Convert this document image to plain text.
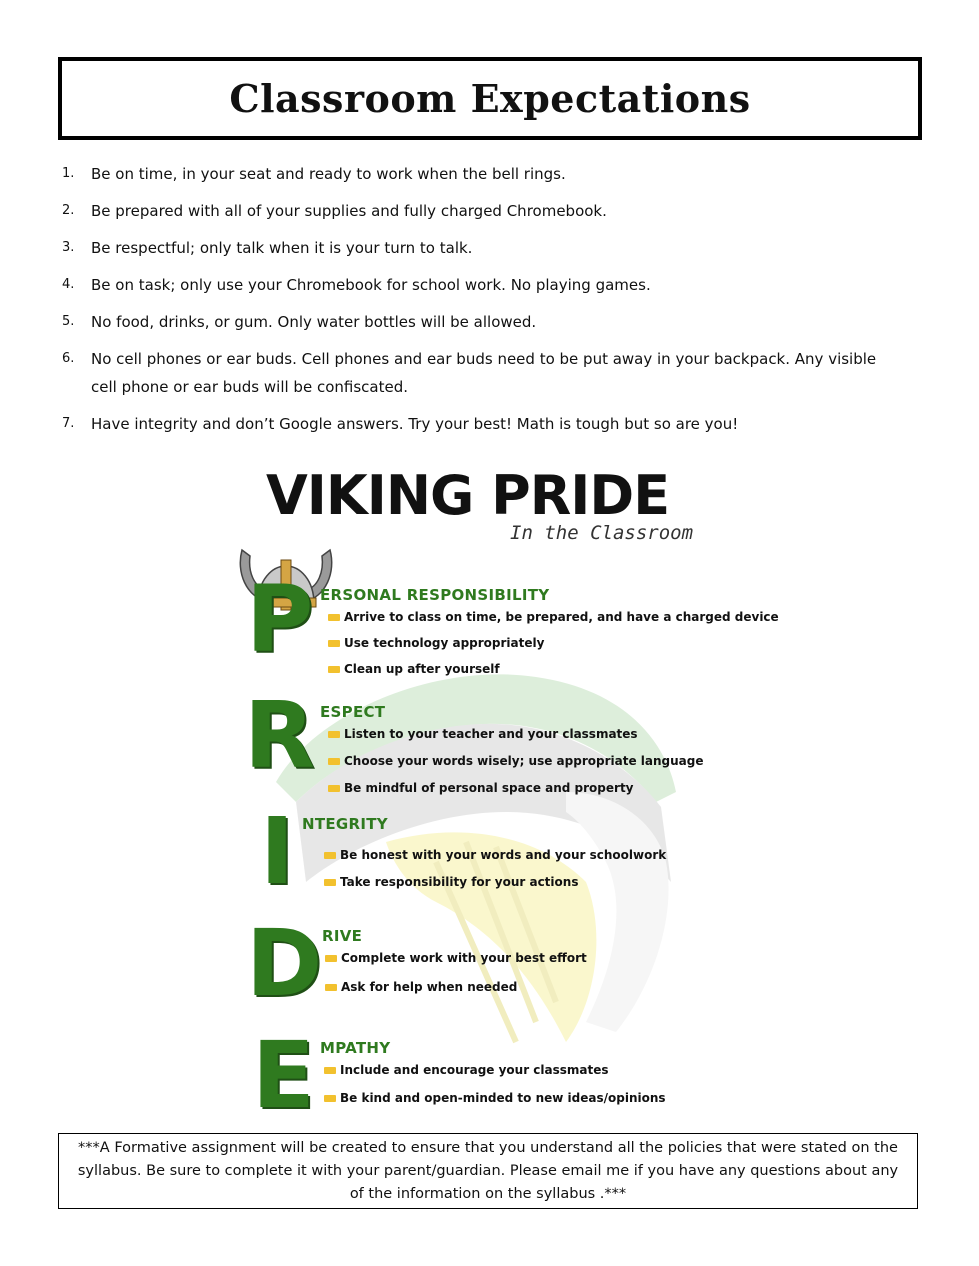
Classroom Expectations
1. Be on time, in your seat and ready to work when the bell rings.
2. Be prepared with all of your supplies and fully charged Chromebook.
3. Be respectful; only talk when it is your turn to talk.
4. Be on task; only use your Chromebook for school work. No playing games.
5. No food, drinks, or gum. Only water bottles will be allowed.
6. No cell phones or ear buds. Cell phones and ear buds need to be put away in your backpack. Any visible cell phone or ear buds will be confiscated.
7. Have integrity and don’t Google answers. Try your best! Math is tough but so are you!
VIKING PRIDE
In the Classroom
P ERSONAL RESPONSIBILITY
Arrive to class on time, be prepared, and have a charged device
Use technology appropriately
Clean up after yourself
R ESPECT
Listen to your teacher and your classmates
Choose your words wisely; use appropriate language
Be mindful of personal space and property
I NTEGRITY
Be honest with your words and your schoolwork
Take responsibility for your actions
D RIVE
Complete work with your best effort
Ask for help when needed
E MPATHY
Include and encourage your classmates
Be kind and open-minded to new ideas/opinions
***A Formative assignment will be created to ensure that you understand all the policies that were stated on the syllabus. Be sure to complete it with your parent/guardian. Please email me if you have any questions about any of the information on the syllabus .***
